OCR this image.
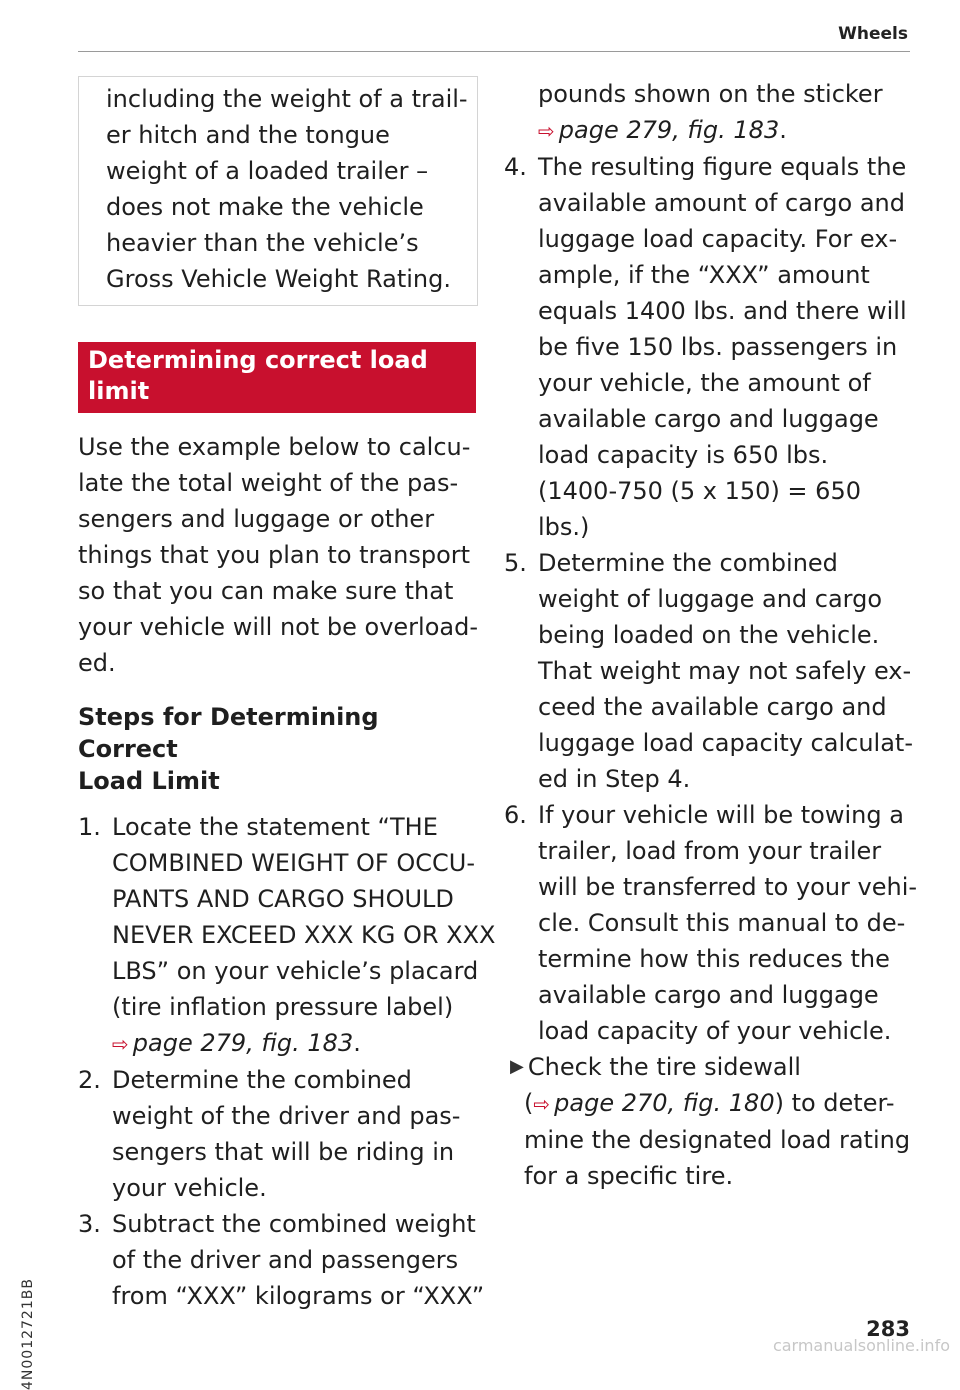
Wheels
including the weight of a trail-
er hitch and the tongue
weight of a loaded trailer –
does not make the vehicle
heavier than the vehicle’s
Gross Vehicle Weight Rating.
Determining correct load
limit
Use the example below to calcu-
late the total weight of the pas-
sengers and luggage or other
things that you plan to transport
so that you can make sure that
your vehicle will not be overload-
ed.
Steps for Determining Correct
Load Limit
1. Locate the statement “THE
COMBINED WEIGHT OF OCCU-
PANTS AND CARGO SHOULD
NEVER EXCEED XXX KG OR XXX
LBS” on your vehicle’s placard
(tire inflation pressure label)
⇨ page 279, fig. 183.
2. Determine the combined
weight of the driver and pas-
sengers that will be riding in
your vehicle.
3. Subtract the combined weight
of the driver and passengers
from “XXX” kilograms or “XXX”
pounds shown on the sticker
⇨ page 279, fig. 183.
4. The resulting figure equals the
available amount of cargo and
luggage load capacity. For ex-
ample, if the “XXX” amount
equals 1400 lbs. and there will
be five 150 lbs. passengers in
your vehicle, the amount of
available cargo and luggage
load capacity is 650 lbs.
(1400-750 (5 x 150) = 650
lbs.)
5. Determine the combined
weight of luggage and cargo
being loaded on the vehicle.
That weight may not safely ex-
ceed the available cargo and
luggage load capacity calculat-
ed in Step 4.
6. If your vehicle will be towing a
trailer, load from your trailer
will be transferred to your vehi-
cle. Consult this manual to de-
termine how this reduces the
available cargo and luggage
load capacity of your vehicle.
▶ Check the tire sidewall
(⇨ page 270, fig. 180) to deter-
mine the designated load rating
for a specific tire.
4N0012721BB	283
carmanualsonline.info
